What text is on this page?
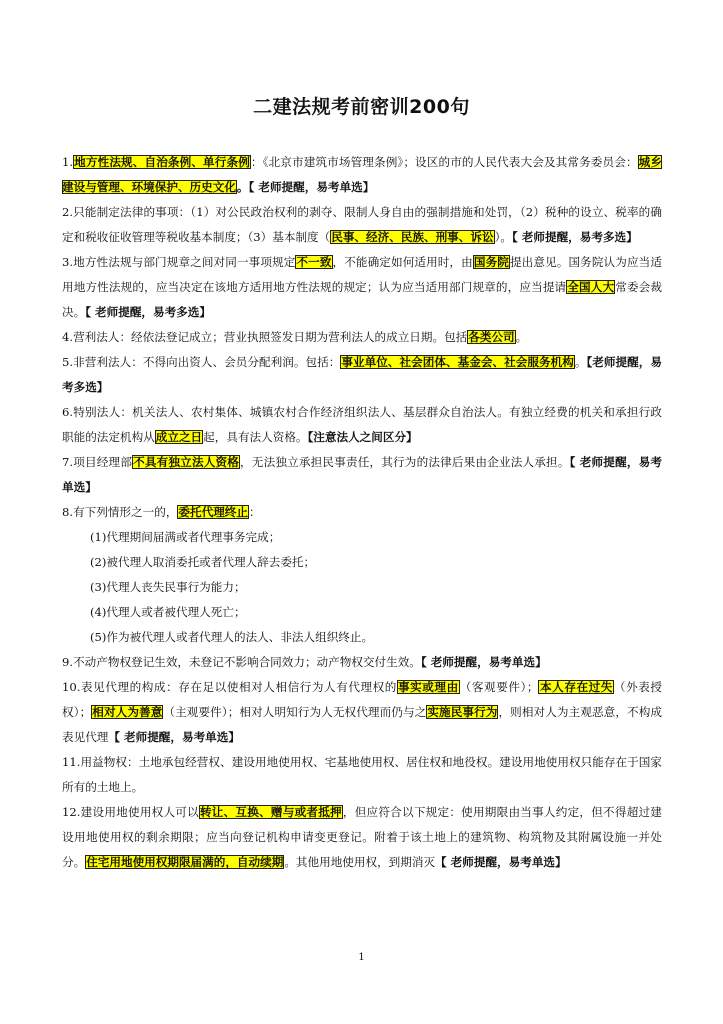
二建法规考前密训200句

1.地方性法规、自治条例、单行条例：《北京市建筑市场管理条例》；设区的市的人民代表大会及其常务委员会：城乡建设与管理、环境保护、历史文化。【 老师提醒，易考单选】

2.只能制定法律的事项：（1）对公民政治权利的剥夺、限制人身自由的强制措施和处罚，（2）税种的设立、税率的确定和税收征收管理等税收基本制度；（3）基本制度（民事、经济、民族、刑事、诉讼）。【 老师提醒，易考多选】

3.地方性法规与部门规章之间对同一事项规定不一致，不能确定如何适用时，由国务院提出意见。国务院认为应当适用地方性法规的，应当决定在该地方适用地方性法规的规定；认为应当适用部门规章的，应当提请全国人大常委会裁决。【 老师提醒，易考多选】

4.营利法人：经依法登记成立；营业执照签发日期为营利法人的成立日期。包括各类公司。

5.非营利法人：不得向出资人、会员分配利润。包括：事业单位、社会团体、基金会、社会服务机构。【老师提醒，易考多选】

6.特别法人：机关法人、农村集体、城镇农村合作经济组织法人、基层群众自治法人。有独立经费的机关和承担行政职能的法定机构从成立之日起，具有法人资格。【注意法人之间区分】

7.项目经理部不具有独立法人资格，无法独立承担民事责任，其行为的法律后果由企业法人承担。【 老师提醒，易考单选】

8.有下列情形之一的，委托代理终止：

(1)代理期间届满或者代理事务完成；

(2)被代理人取消委托或者代理人辞去委托；

(3)代理人丧失民事行为能力；

(4)代理人或者被代理人死亡；

(5)作为被代理人或者代理人的法人、非法人组织终止。

9.不动产物权登记生效，未登记不影响合同效力；动产物权交付生效。【 老师提醒，易考单选】

10.表见代理的构成：存在足以使相对人相信行为人有代理权的事实或理由（客观要件）；本人存在过失（外表授权）；相对人为善意（主观要件）；相对人明知行为人无权代理而仍与之实施民事行为，则相对人为主观恶意，不构成表见代理【 老师提醒，易考单选】

11.用益物权：土地承包经营权、建设用地使用权、宅基地使用权、居住权和地役权。建设用地使用权只能存在于国家所有的土地上。

12.建设用地使用权人可以转让、互换、赠与或者抵押，但应符合以下规定：使用期限由当事人约定，但不得超过建设用地使用权的剩余期限；应当向登记机构申请变更登记。附着于该土地上的建筑物、构筑物及其附属设施一并处分。住宅用地使用权期限届满的，自动续期。其他用地使用权，到期消灭【 老师提醒，易考单选】

1
